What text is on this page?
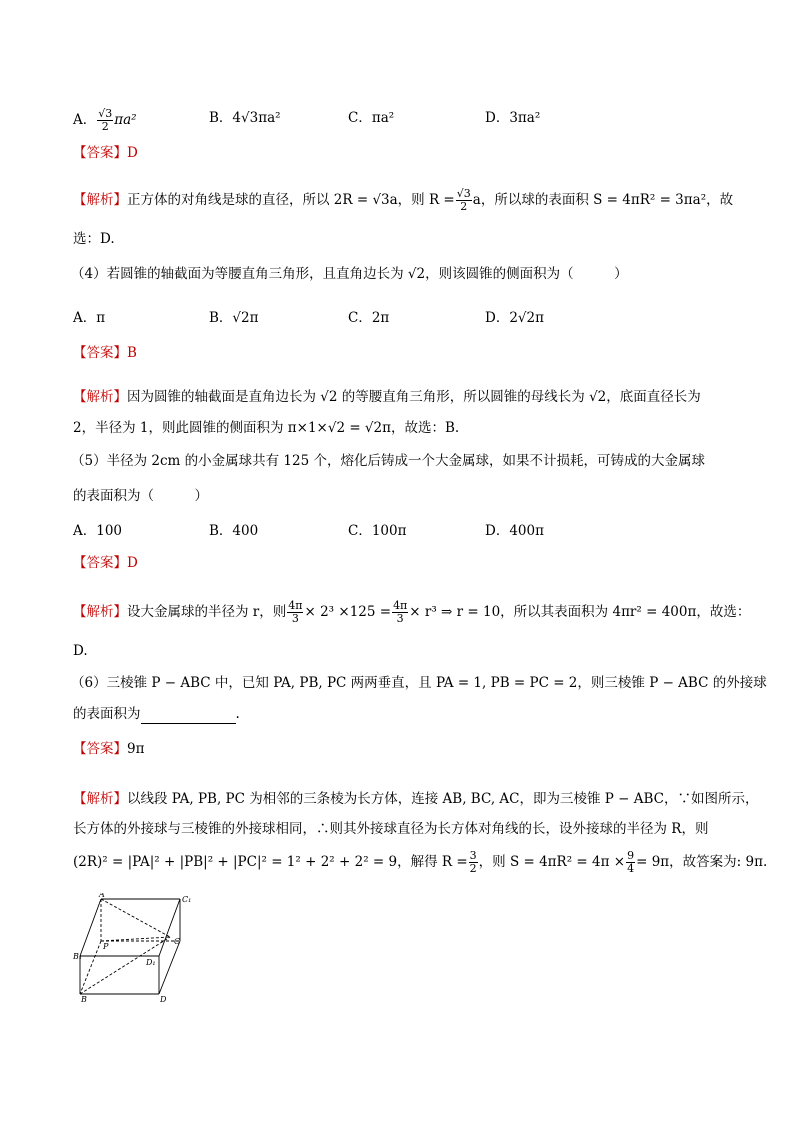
A． $\frac{√3}{2} \pi a^2$	B．4√3πa²	C．πa²	D．3πa²
【答案】D
【解析】正方体的对角线是球的直径，所以 2R = √3a，则 $R = \frac{√3}{2}$ a，所以球的表面积 S = 4πR² = 3πa²，故
选：D.
（4）若圆锥的轴截面为等腰直角三角形，且直角边长为 √2，则该圆锥的侧面积为（　　　）
A．π	B．√2π	C．2π	D．2√2π
【答案】B
【解析】因为圆锥的轴截面是直角边长为 √2 的等腰直角三角形，所以圆锥的母线长为 √2，底面直径长为
2，半径为 1，则此圆锥的侧面积为 π×1×√2 = √2π，故选：B.
（5）半径为 2cm 的小金属球共有 125 个，熔化后铸成一个大金属球，如果不计损耗，可铸成的大金属球
的表面积为（　　　）
A．100	B．400	C．100π	D．400π
【答案】D
【解析】设大金属球的半径为 r，则 $\frac{4\pi}{3} \times 2^3 \times 125 = \frac{4\pi}{3} \times r^3$ ⇒ r = 10，所以其表面积为 4πr² = 400π，故选：
D.
（6）三棱锥 P − ABC 中，已知 PA, PB, PC 两两垂直，且 PA = 1, PB = PC = 2，则三棱锥 P − ABC 的外接球
的表面积为	.
【答案】9π
【解析】以线段 PA, PB, PC 为相邻的三条棱为长方体，连接 AB, BC, AC，即为三棱锥 P − ABC，∵如图所示，
长方体的外接球与三棱锥的外接球相同，∴则其外接球直径为长方体对角线的长，设外接球的半径为 R，则
(2R)² = |PA|² + |PB|² + |PC|² = 1² + 2² + 2² = 9，解得 $R = \frac{3}{2}$ ，则 $S = 4\pi R^2 = 4\pi \times \frac{9}{4} = 9\pi$，故答案为: 9π.
A
C₁
C
P
B₁
D₁
B	D
